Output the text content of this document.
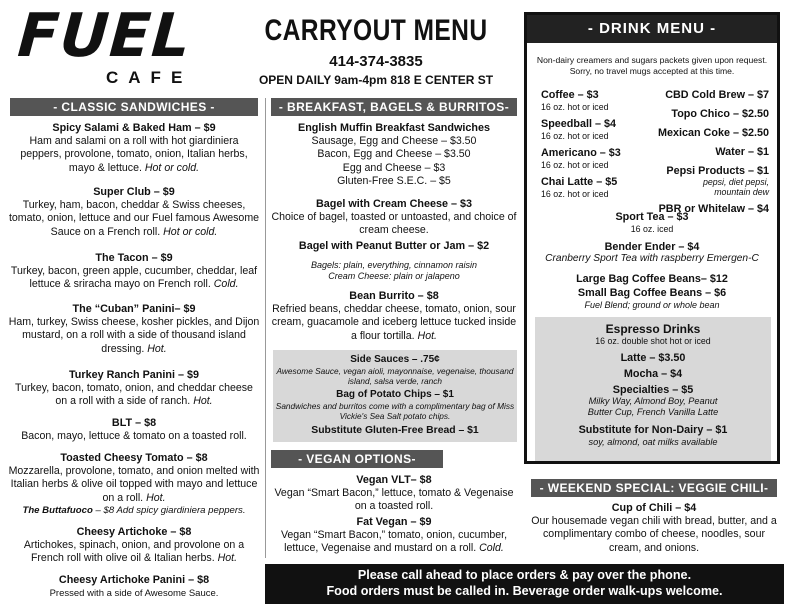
FUEL
CAFE
CARRYOUT MENU
414-374-3835
OPEN DAILY 9am-4pm 818 E CENTER ST
- CLASSIC SANDWICHES -
Spicy Salami & Baked Ham – $9
Ham and salami on a roll with hot giardiniera peppers, provolone, tomato, onion, Italian herbs, mayo & lettuce. Hot or cold.
Super Club – $9
Turkey, ham, bacon, cheddar & Swiss cheeses, tomato, onion, lettuce and our Fuel famous Awesome Sauce on a French roll. Hot or cold.
The Tacon – $9
Turkey, bacon, green apple, cucumber, cheddar, leaf lettuce & sriracha mayo on French roll. Cold.
The “Cuban” Panini– $9
Ham, turkey, Swiss cheese, kosher pickles, and Dijon mustard, on a roll with a side of thousand island dressing. Hot.
Turkey Ranch Panini – $9
Turkey, bacon, tomato, onion, and cheddar cheese on a roll with a side of ranch. Hot.
BLT – $8
Bacon, mayo, lettuce & tomato on a toasted roll.
Toasted Cheesy Tomato – $8
Mozzarella, provolone, tomato, and onion melted with Italian herbs & olive oil topped with mayo and lettuce on a roll. Hot.
The Buttafuoco – $8 Add spicy giardiniera peppers.
Cheesy Artichoke – $8
Artichokes, spinach, onion, and provolone on a French roll with olive oil & Italian herbs. Hot.
Cheesy Artichoke Panini – $8
Pressed with a side of Awesome Sauce.
- BREAKFAST, BAGELS & BURRITOS-
English Muffin Breakfast Sandwiches
Sausage, Egg and Cheese – $3.50
Bacon, Egg and Cheese – $3.50
Egg and Cheese – $3
Gluten-Free S.E.C. – $5
Bagel with Cream Cheese – $3
Choice of bagel, toasted or untoasted, and choice of cream cheese.
Bagel with Peanut Butter or Jam – $2
Bagels: plain, everything, cinnamon raisin
Cream Cheese: plain or jalapeno
Bean Burrito – $8
Refried beans, cheddar cheese, tomato, onion, sour cream, guacamole and iceberg lettuce tucked inside a flour tortilla. Hot.
Side Sauces – .75¢
Awesome Sauce, vegan aioli, mayonnaise, vegenaise, thousand island, salsa verde, ranch
Bag of Potato Chips – $1
Sandwiches and burritos come with a complimentary bag of Miss Vickie's Sea Salt potato chips.
Substitute Gluten-Free Bread – $1
- VEGAN OPTIONS-
Vegan VLT– $8
Vegan “Smart Bacon,” lettuce, tomato & Vegenaise on a toasted roll.
Fat Vegan – $9
Vegan “Smart Bacon,” tomato, onion, cucumber, lettuce, Vegenaise and mustard on a roll. Cold.
- DRINK MENU -
Non-dairy creamers and sugars packets given upon request. Sorry, no travel mugs accepted at this time.
Coffee – $3
16 oz. hot or iced
Speedball – $4
16 oz. hot or iced
Americano – $3
16 oz. hot or iced
Chai Latte – $5
16 oz. hot or iced
CBD Cold Brew – $7
Topo Chico – $2.50
Mexican Coke – $2.50
Water – $1
Pepsi Products – $1
pepsi, diet pepsi, mountain dew
PBR or Whitelaw – $4
Sport Tea – $3
16 oz. iced
Bender Ender – $4
Cranberry Sport Tea with raspberry Emergen-C
Large Bag Coffee Beans– $12
Small Bag Coffee Beans – $6
Fuel Blend; ground or whole bean
Espresso Drinks
16 oz. double shot hot or iced
Latte – $3.50
Mocha – $4
Specialties – $5
Milky Way, Almond Boy, Peanut Butter Cup, French Vanilla Latte
Substitute for Non-Dairy – $1
soy, almond, oat milks available
- WEEKEND SPECIAL: VEGGIE CHILI-
Cup of Chili – $4
Our housemade vegan chili with bread, butter, and a complimentary combo of cheese, noodles, sour cream, and onions.
Please call ahead to place orders & pay over the phone.
Food orders must be called in. Beverage order walk-ups welcome.
